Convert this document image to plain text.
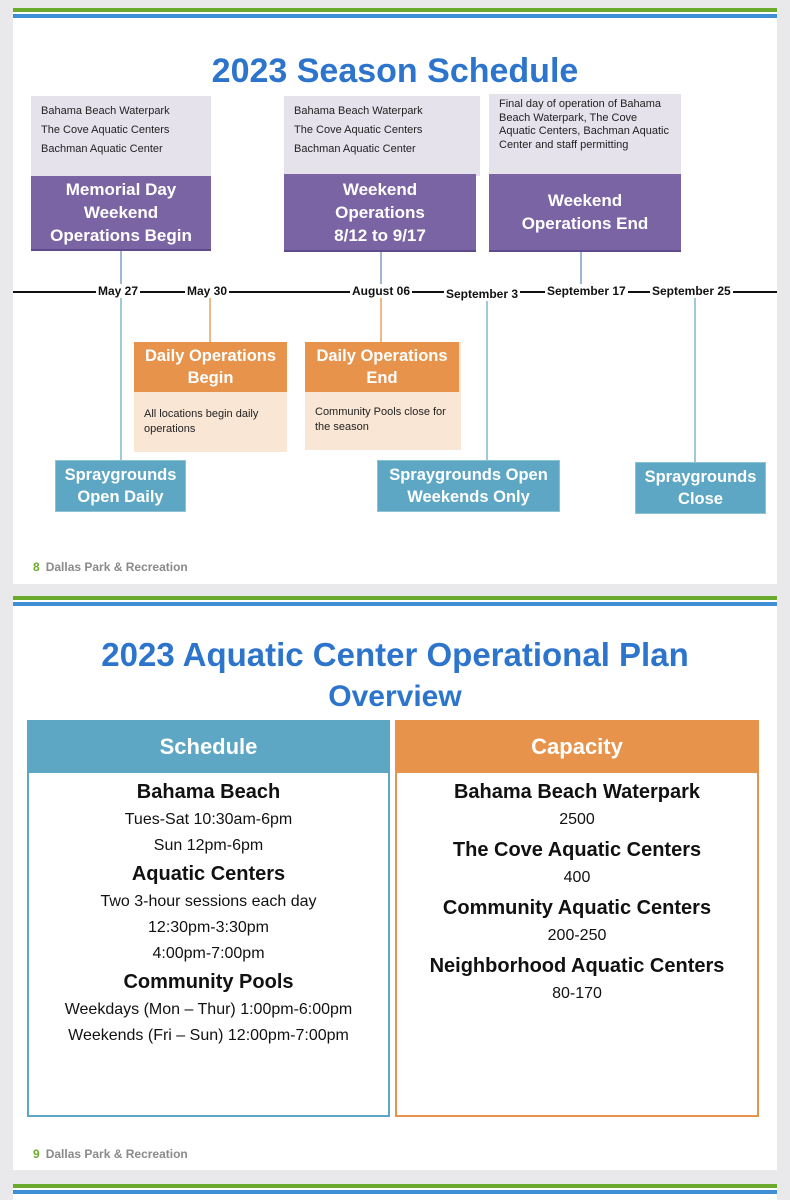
2023 Season Schedule
Bahama Beach Waterpark
The Cove Aquatic Centers
Bachman Aquatic Center
Bahama Beach Waterpark
The Cove Aquatic Centers
Bachman Aquatic Center
Final day of operation of Bahama Beach Waterpark, The Cove Aquatic Centers, Bachman Aquatic Center and staff permitting
Memorial Day
Weekend
Operations Begin
Weekend
Operations
8/12 to 9/17
Weekend
Operations End
May 27	May 30	August 06	September 3 September 17 September 25
All locations begin daily operations
Daily Operations
Begin
Community Pools close for the season
Daily Operations
End
Spraygrounds
Open Daily
Spraygrounds Open
Weekends Only
Spraygrounds
Close
8 Dallas Park & Recreation
2023 Aquatic Center Operational Plan
Overview
Schedule
Bahama Beach
Tues-Sat 10:30am-6pm
Sun 12pm-6pm
Aquatic Centers
Two 3-hour sessions each day
12:30pm-3:30pm
4:00pm-7:00pm
Community Pools
Weekdays (Mon – Thur) 1:00pm-6:00pm
Weekends (Fri – Sun) 12:00pm-7:00pm
Capacity
Bahama Beach Waterpark
2500
The Cove Aquatic Centers
400
Community Aquatic Centers
200-250
Neighborhood Aquatic Centers
80-170
9 Dallas Park & Recreation
